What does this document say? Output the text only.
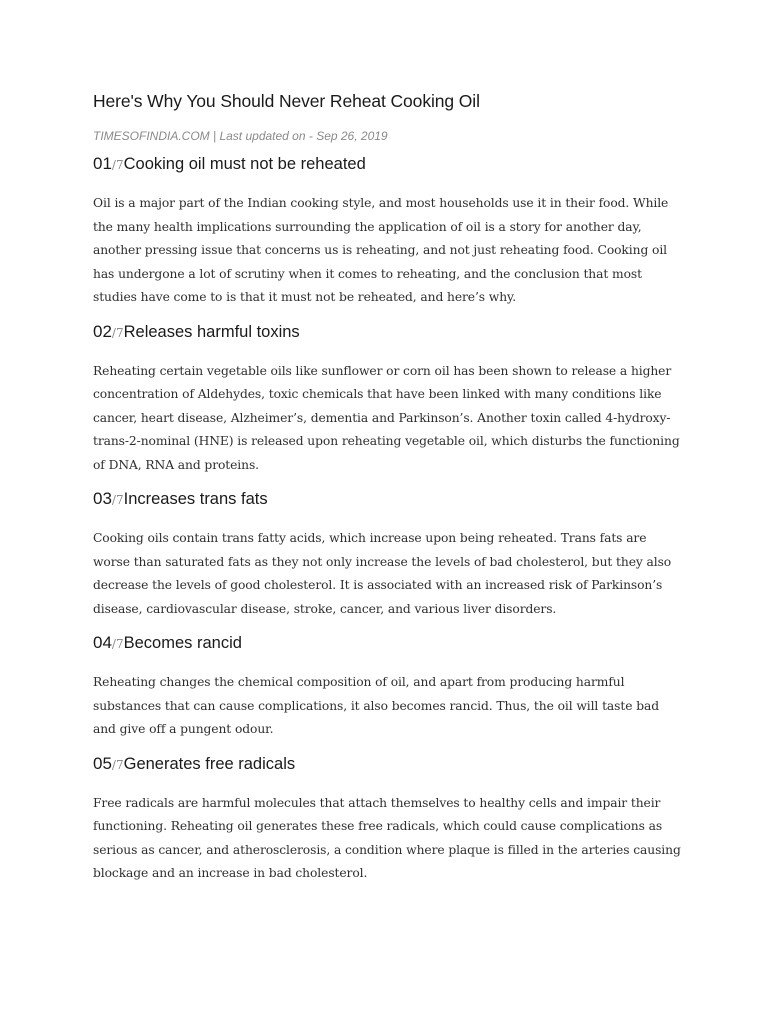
Here's Why You Should Never Reheat Cooking Oil
TIMESOFINDIA.COM | Last updated on - Sep 26, 2019
01/7Cooking oil must not be reheated

Oil is a major part of the Indian cooking style, and most households use it in their food. While the many health implications surrounding the application of oil is a story for another day, another pressing issue that concerns us is reheating, and not just reheating food. Cooking oil has undergone a lot of scrutiny when it comes to reheating, and the conclusion that most studies have come to is that it must not be reheated, and here’s why.

02/7Releases harmful toxins

Reheating certain vegetable oils like sunflower or corn oil has been shown to release a higher concentration of Aldehydes, toxic chemicals that have been linked with many conditions like cancer, heart disease, Alzheimer’s, dementia and Parkinson’s. Another toxin called 4-hydroxy-trans-2-nominal (HNE) is released upon reheating vegetable oil, which disturbs the functioning of DNA, RNA and proteins.

03/7Increases trans fats

Cooking oils contain trans fatty acids, which increase upon being reheated. Trans fats are worse than saturated fats as they not only increase the levels of bad cholesterol, but they also decrease the levels of good cholesterol. It is associated with an increased risk of Parkinson’s disease, cardiovascular disease, stroke, cancer, and various liver disorders.

04/7Becomes rancid

Reheating changes the chemical composition of oil, and apart from producing harmful substances that can cause complications, it also becomes rancid. Thus, the oil will taste bad and give off a pungent odour.

05/7Generates free radicals

Free radicals are harmful molecules that attach themselves to healthy cells and impair their functioning. Reheating oil generates these free radicals, which could cause complications as serious as cancer, and atherosclerosis, a condition where plaque is filled in the arteries causing blockage and an increase in bad cholesterol.
